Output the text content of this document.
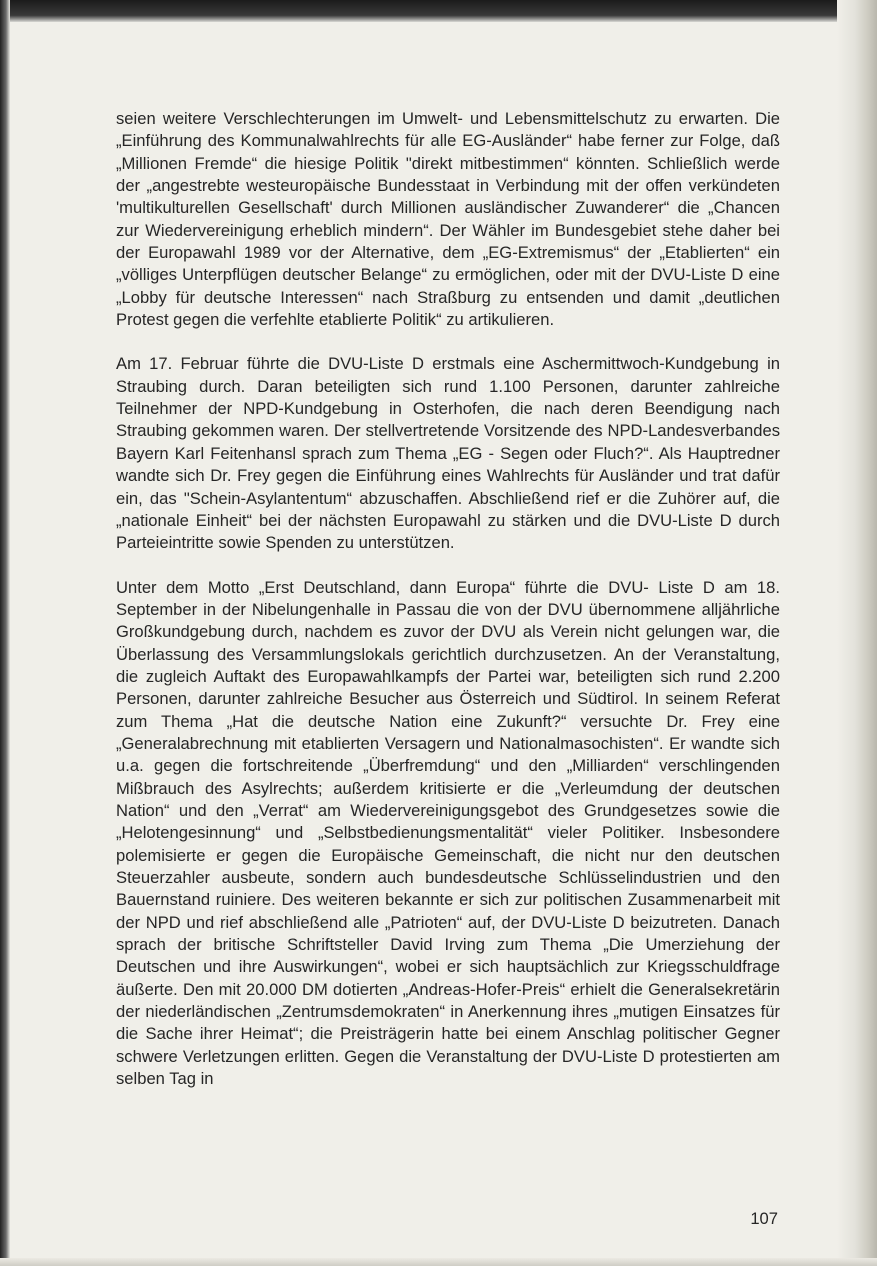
seien weitere Verschlechterungen im Umwelt- und Lebensmittelschutz zu erwarten. Die „Einführung des Kommunalwahlrechts für alle EG-Ausländer“ habe ferner zur Folge, daß „Millionen Fremde“ die hiesige Politik "direkt mitbestimmen“ könnten. Schließlich werde der „angestrebte westeuropäische Bundesstaat in Verbindung mit der offen verkündeten 'multikulturellen Gesellschaft' durch Millionen ausländischer Zuwanderer“ die „Chancen zur Wiedervereinigung erheblich mindern“. Der Wähler im Bundesgebiet stehe daher bei der Europawahl 1989 vor der Alternative, dem „EG-Extremismus“ der „Etablierten“ ein „völliges Unterpflügen deutscher Belange“ zu ermöglichen, oder mit der DVU-Liste D eine „Lobby für deutsche Interessen“ nach Straßburg zu entsenden und damit „deutlichen Protest gegen die verfehlte etablierte Politik“ zu artikulieren.

Am 17. Februar führte die DVU-Liste D erstmals eine Aschermittwoch-Kundgebung in Straubing durch. Daran beteiligten sich rund 1.100 Personen, darunter zahlreiche Teilnehmer der NPD-Kundgebung in Osterhofen, die nach deren Beendigung nach Straubing gekommen waren. Der stellvertretende Vorsitzende des NPD-Landesverbandes Bayern Karl Feitenhansl sprach zum Thema „EG - Segen oder Fluch?“. Als Hauptredner wandte sich Dr. Frey gegen die Einführung eines Wahlrechts für Ausländer und trat dafür ein, das "Schein-Asylantentum“ abzuschaffen. Abschließend rief er die Zuhörer auf, die „nationale Einheit“ bei der nächsten Europawahl zu stärken und die DVU-Liste D durch Parteieintritte sowie Spenden zu unterstützen.

Unter dem Motto „Erst Deutschland, dann Europa“ führte die DVU- Liste D am 18. September in der Nibelungenhalle in Passau die von der DVU übernommene alljährliche Großkundgebung durch, nachdem es zuvor der DVU als Verein nicht gelungen war, die Überlassung des Versammlungslokals gerichtlich durchzusetzen. An der Veranstaltung, die zugleich Auftakt des Europawahlkampfs der Partei war, beteiligten sich rund 2.200 Personen, darunter zahlreiche Besucher aus Österreich und Südtirol. In seinem Referat zum Thema „Hat die deutsche Nation eine Zukunft?“ versuchte Dr. Frey eine „Generalabrechnung mit etablierten Versagern und Nationalmasochisten“. Er wandte sich u.a. gegen die fortschreitende „Überfremdung“ und den „Milliarden“ verschlingenden Mißbrauch des Asylrechts; außerdem kritisierte er die „Verleumdung der deutschen Nation“ und den „Verrat“ am Wiedervereinigungsgebot des Grundgesetzes sowie die „Helotengesinnung“ und „Selbstbedienungsmentalität“ vieler Politiker. Insbesondere polemisierte er gegen die Europäische Gemeinschaft, die nicht nur den deutschen Steuerzahler ausbeute, sondern auch bundesdeutsche Schlüsselindustrien und den Bauernstand ruiniere. Des weiteren bekannte er sich zur politischen Zusammenarbeit mit der NPD und rief abschließend alle „Patrioten“ auf, der DVU-Liste D beizutreten. Danach sprach der britische Schriftsteller David Irving zum Thema „Die Umerziehung der Deutschen und ihre Auswirkungen“, wobei er sich hauptsächlich zur Kriegsschuldfrage äußerte. Den mit 20.000 DM dotierten „Andreas-Hofer-Preis“ erhielt die Generalsekretärin der niederländischen „Zentrumsdemokraten“ in Anerkennung ihres „mutigen Einsatzes für die Sache ihrer Heimat“; die Preisträgerin hatte bei einem Anschlag politischer Gegner schwere Verletzungen erlitten. Gegen die Veranstaltung der DVU-Liste D protestierten am selben Tag in

107
